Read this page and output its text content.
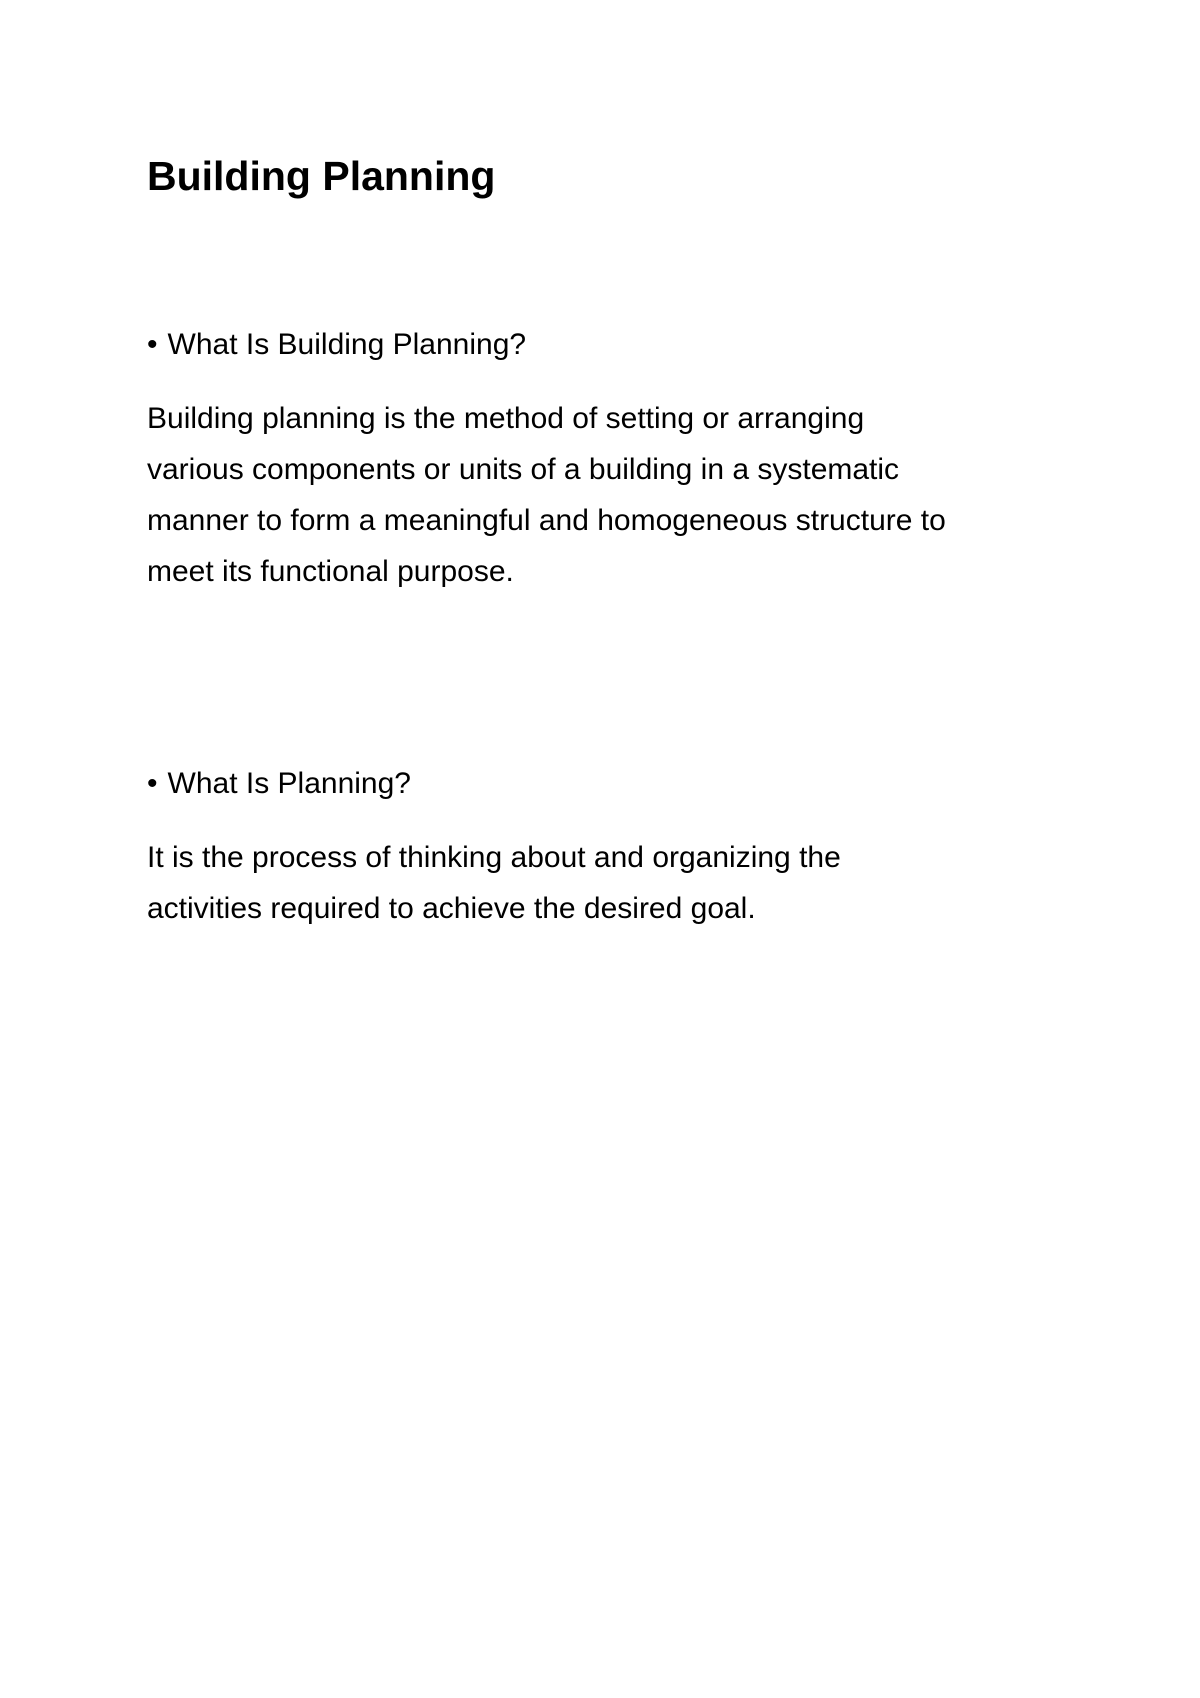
Building Planning
• What Is Building Planning?

Building planning is the method of setting or arranging
various components or units of a building in a systematic
manner to form a meaningful and homogeneous structure to
meet its functional purpose.

• What Is Planning?

It is the process of thinking about and organizing the
activities required to achieve the desired goal.
